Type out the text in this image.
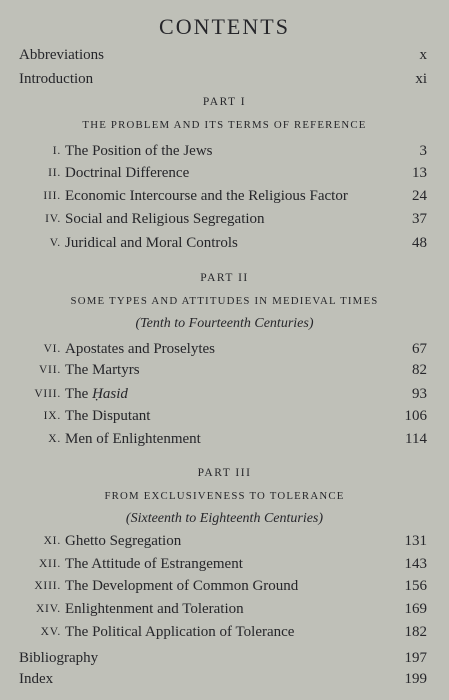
CONTENTS
Abbreviations	x
Introduction	xi
PART I
THE PROBLEM AND ITS TERMS OF REFERENCE
I. The Position of the Jews	3
II. Doctrinal Difference	13
III. Economic Intercourse and the Religious Factor	24
IV. Social and Religious Segregation	37
V. Juridical and Moral Controls	48
PART II
SOME TYPES AND ATTITUDES IN MEDIEVAL TIMES
(Tenth to Fourteenth Centuries)
VI. Apostates and Proselytes	67
VII. The Martyrs	82
VIII. The Ḥasid	93
IX. The Disputant	106
X. Men of Enlightenment	114
PART III
FROM EXCLUSIVENESS TO TOLERANCE
(Sixteenth to Eighteenth Centuries)
XI. Ghetto Segregation	131
XII. The Attitude of Estrangement	143
XIII. The Development of Common Ground	156
XIV. Enlightenment and Toleration	169
XV. The Political Application of Tolerance	182
Bibliography	197
Index	199
